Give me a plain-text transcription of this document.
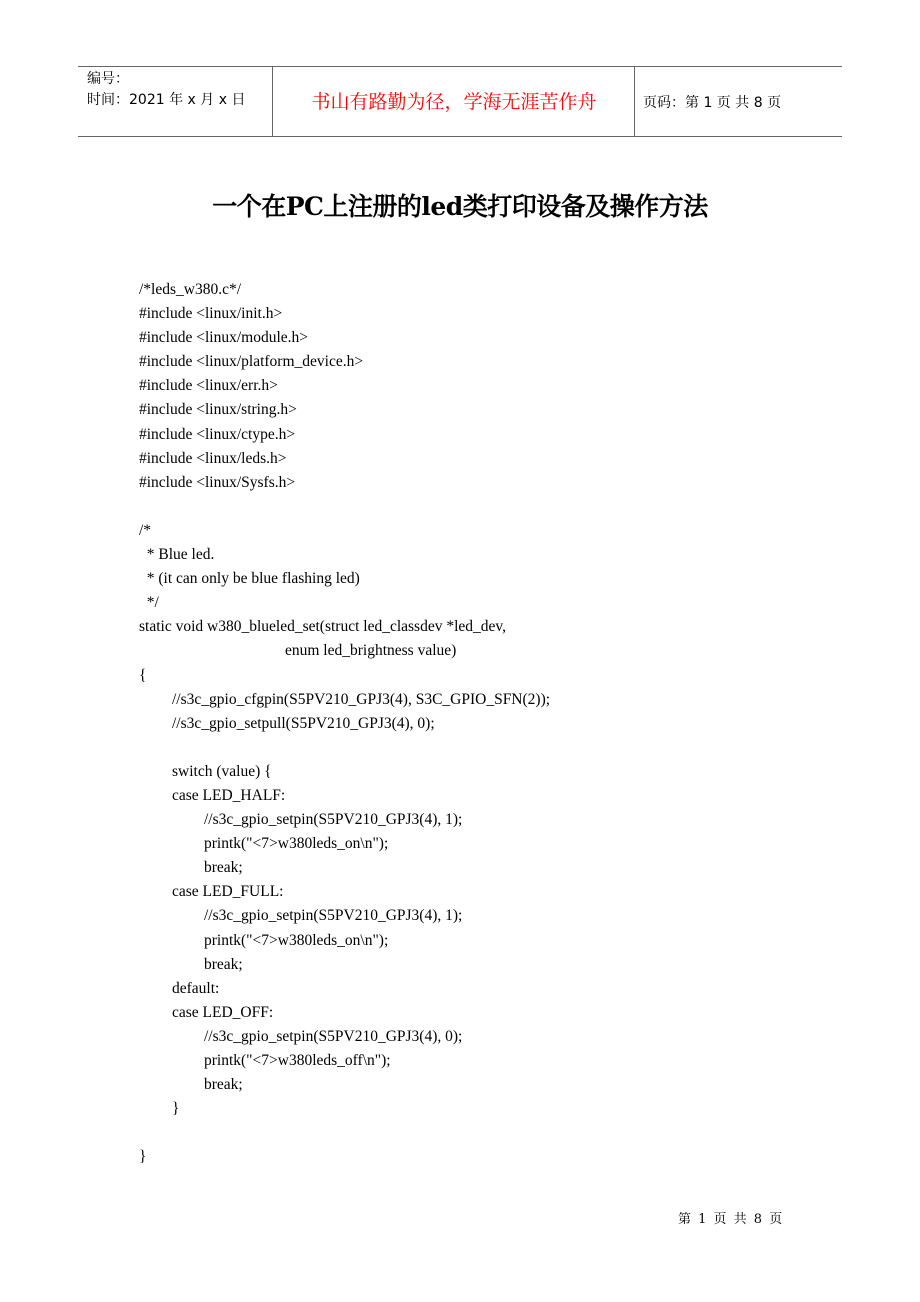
编号：
时间：2021 年 x 月 x 日	书山有路勤为径，学海无涯苦作舟	页码：第 1 页 共 8 页
一个在PC上注册的led类打印设备及操作方法
/*leds_w380.c*/
#include <linux/init.h>
#include <linux/module.h>
#include <linux/platform_device.h>
#include <linux/err.h>
#include <linux/string.h>
#include <linux/ctype.h>
#include <linux/leds.h>
#include <linux/Sysfs.h>
/*
* Blue led.
* (it can only be blue flashing led)
*/
static void w380_blueled_set(struct led_classdev *led_dev,
enum led_brightness value)
{
//s3c_gpio_cfgpin(S5PV210_GPJ3(4), S3C_GPIO_SFN(2));
//s3c_gpio_setpull(S5PV210_GPJ3(4), 0);
switch (value) {
case LED_HALF:
//s3c_gpio_setpin(S5PV210_GPJ3(4), 1);
printk("<7>w380leds_on\n");
break;
case LED_FULL:
//s3c_gpio_setpin(S5PV210_GPJ3(4), 1);
printk("<7>w380leds_on\n");
break;
default:
case LED_OFF:
//s3c_gpio_setpin(S5PV210_GPJ3(4), 0);
printk("<7>w380leds_off\n");
break;
}
}
第 1 页 共 8 页
